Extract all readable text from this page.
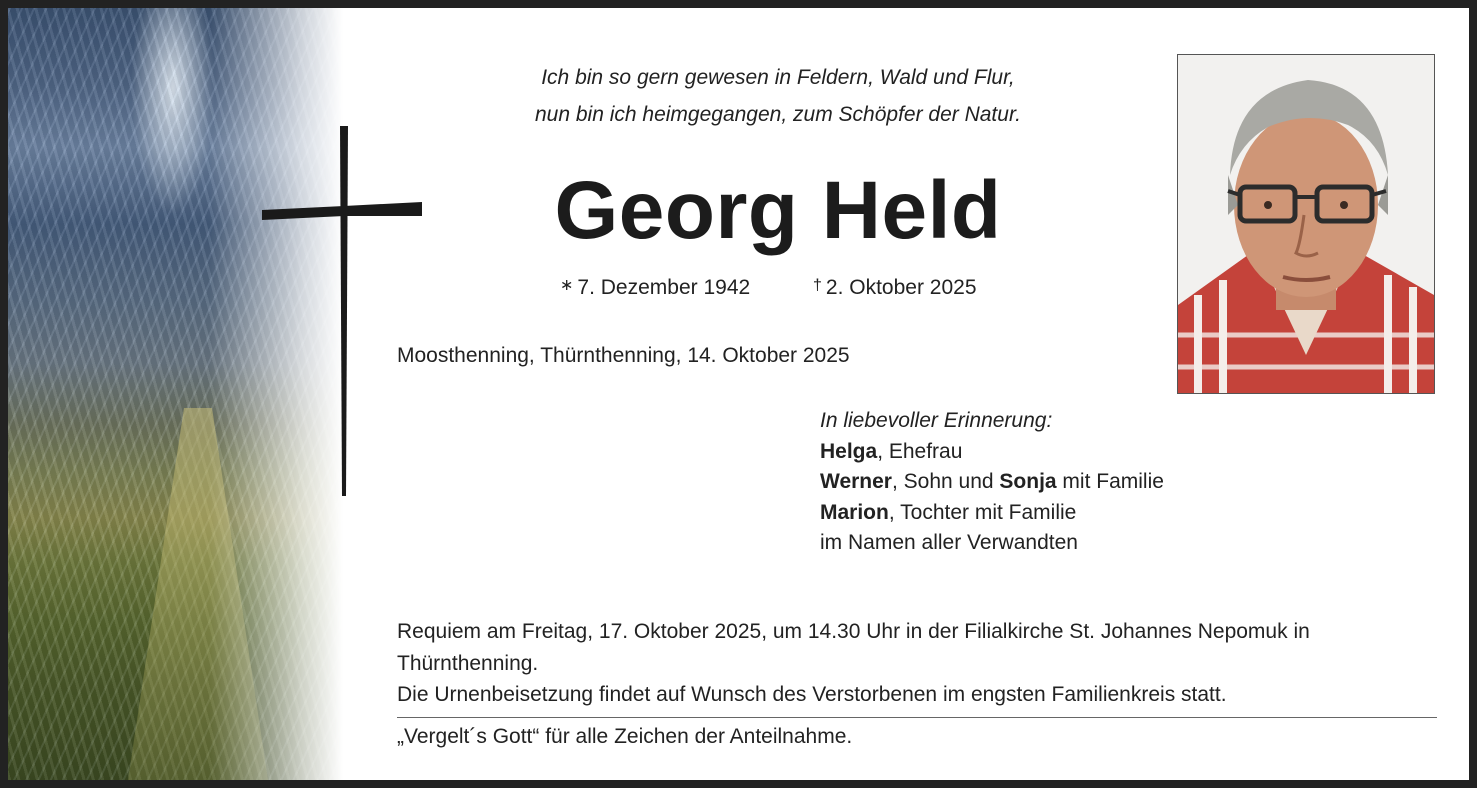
Ich bin so gern gewesen in Feldern, Wald und Flur,
nun bin ich heimgegangen, zum Schöpfer der Natur.
Georg Held
∗ 7. Dezember 1942	† 2. Oktober 2025
Moosthenning, Thürnthenning, 14. Oktober 2025
In liebevoller Erinnerung:
Helga, Ehefrau
Werner, Sohn und Sonja mit Familie
Marion, Tochter mit Familie
im Namen aller Verwandten
Requiem am Freitag, 17. Oktober 2025, um 14.30 Uhr in der Filialkirche St. Johannes Nepomuk in
Thürnthenning.
Die Urnenbeisetzung findet auf Wunsch des Verstorbenen im engsten Familienkreis statt.
„Vergelt´s Gott“ für alle Zeichen der Anteilnahme.
